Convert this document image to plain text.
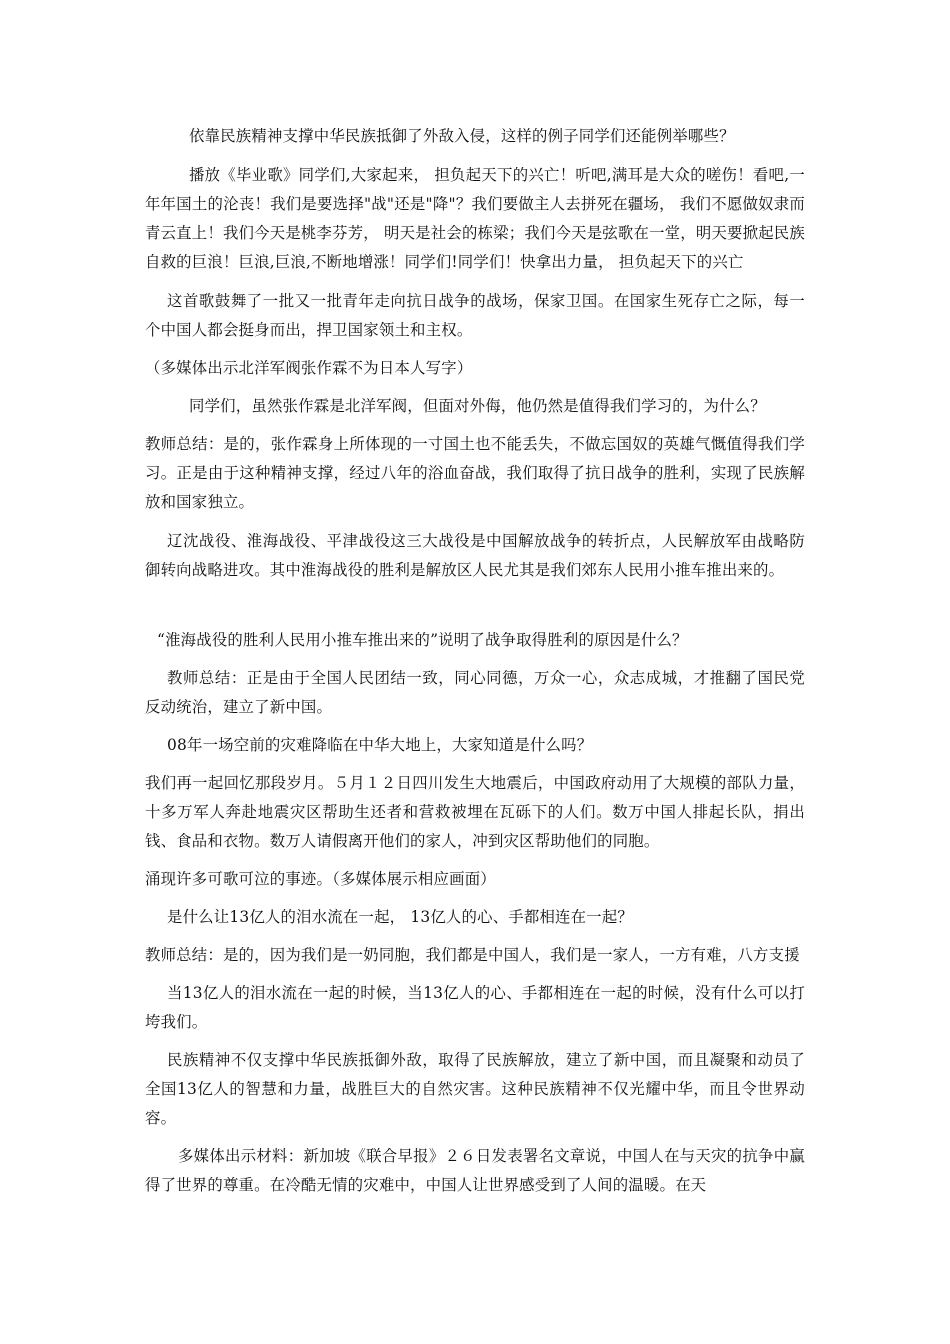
依靠民族精神支撑中华民族抵御了外敌入侵，这样的例子同学们还能例举哪些？

播放《毕业歌》同学们,大家起来， 担负起天下的兴亡！听吧,满耳是大众的嗟伤！看吧,一年年国土的沦丧！我们是要选择"战"还是"降"？我们要做主人去拼死在疆场， 我们不愿做奴隶而青云直上！我们今天是桃李芬芳， 明天是社会的栋梁；我们今天是弦歌在一堂，明天要掀起民族自救的巨浪！巨浪,巨浪,不断地增涨！同学们!同学们！快拿出力量， 担负起天下的兴亡

这首歌鼓舞了一批又一批青年走向抗日战争的战场，保家卫国。在国家生死存亡之际，每一个中国人都会挺身而出，捍卫国家领土和主权。

（多媒体出示北洋军阀张作霖不为日本人写字）

同学们，虽然张作霖是北洋军阀，但面对外侮，他仍然是值得我们学习的，为什么？

教师总结：是的，张作霖身上所体现的一寸国土也不能丢失，不做忘国奴的英雄气慨值得我们学习。正是由于这种精神支撑，经过八年的浴血奋战，我们取得了抗日战争的胜利，实现了民族解放和国家独立。

辽沈战役、淮海战役、平津战役这三大战役是中国解放战争的转折点，人民解放军由战略防御转向战略进攻。其中淮海战役的胜利是解放区人民尤其是我们郊东人民用小推车推出来的。

“淮海战役的胜利人民用小推车推出来的”说明了战争取得胜利的原因是什么？

教师总结：正是由于全国人民团结一致，同心同德，万众一心，众志成城，才推翻了国民党反动统治，建立了新中国。

08年一场空前的灾难降临在中华大地上，大家知道是什么吗？

我们再一起回忆那段岁月。５月１２日四川发生大地震后，中国政府动用了大规模的部队力量，十多万军人奔赴地震灾区帮助生还者和营救被埋在瓦砾下的人们。数万中国人排起长队，捐出钱、食品和衣物。数万人请假离开他们的家人，冲到灾区帮助他们的同胞。

涌现许多可歌可泣的事迹。（多媒体展示相应画面）

是什么让13亿人的泪水流在一起， 13亿人的心、手都相连在一起？

教师总结：是的，因为我们是一奶同胞，我们都是中国人，我们是一家人，一方有难，八方支援

当13亿人的泪水流在一起的时候，当13亿人的心、手都相连在一起的时候，没有什么可以打垮我们。

民族精神不仅支撑中华民族抵御外敌，取得了民族解放，建立了新中国，而且凝聚和动员了全国13亿人的智慧和力量，战胜巨大的自然灾害。这种民族精神不仅光耀中华，而且令世界动容。

多媒体出示材料：新加坡《联合早报》２６日发表署名文章说，中国人在与天灾的抗争中赢得了世界的尊重。在冷酷无情的灾难中，中国人让世界感受到了人间的温暖。在天
